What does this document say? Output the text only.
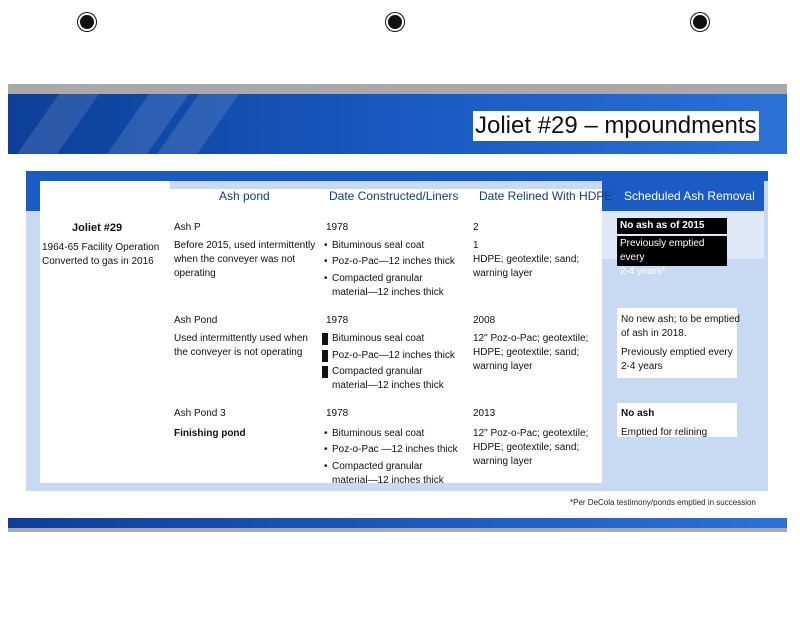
Joliet #29 – mpoundments
Sta	Ash pond	Date Constructed/Liners Date Relined With HDPE Scheduled Ash Removal
Joliet #29
1964-65 Facility Operation
Converted to gas in 2016
Ash P
Before 2015, used intermittently
when the conveyer was not
operating
1978
• Bituminous seal coat
• Poz-o-Pac—12 inches thick
• Compacted granular
material—12 inches thick
2
1
HDPE; geotextile; sand;
warning layer
No ash as of 2015
Previously emptied every
2-4 years*
Ash Pond
Used intermittently used when
the conveyer is not operating
1978
Bituminous seal coat
Poz-o-Pac—12 inches thick
Compacted granular
material—12 inches thick
2008
12" Poz-o-Pac; geotextile;
HDPE; geotextile; sand;
warning layer
No new ash; to be emptied
of ash in 2018.
Previously emptied every
2-4 years
Ash Pond 3
Finishing pond
1978
• Bituminous seal coat
• Poz-o-Pac —12 inches thick
• Compacted granular
material—12 inches thick
2013
12" Poz-o-Pac; geotextile;
HDPE; geotextile; sand;
warning layer
No ash
Emptied for relining
*Per DeCola testimony/ponds emptied in succession
